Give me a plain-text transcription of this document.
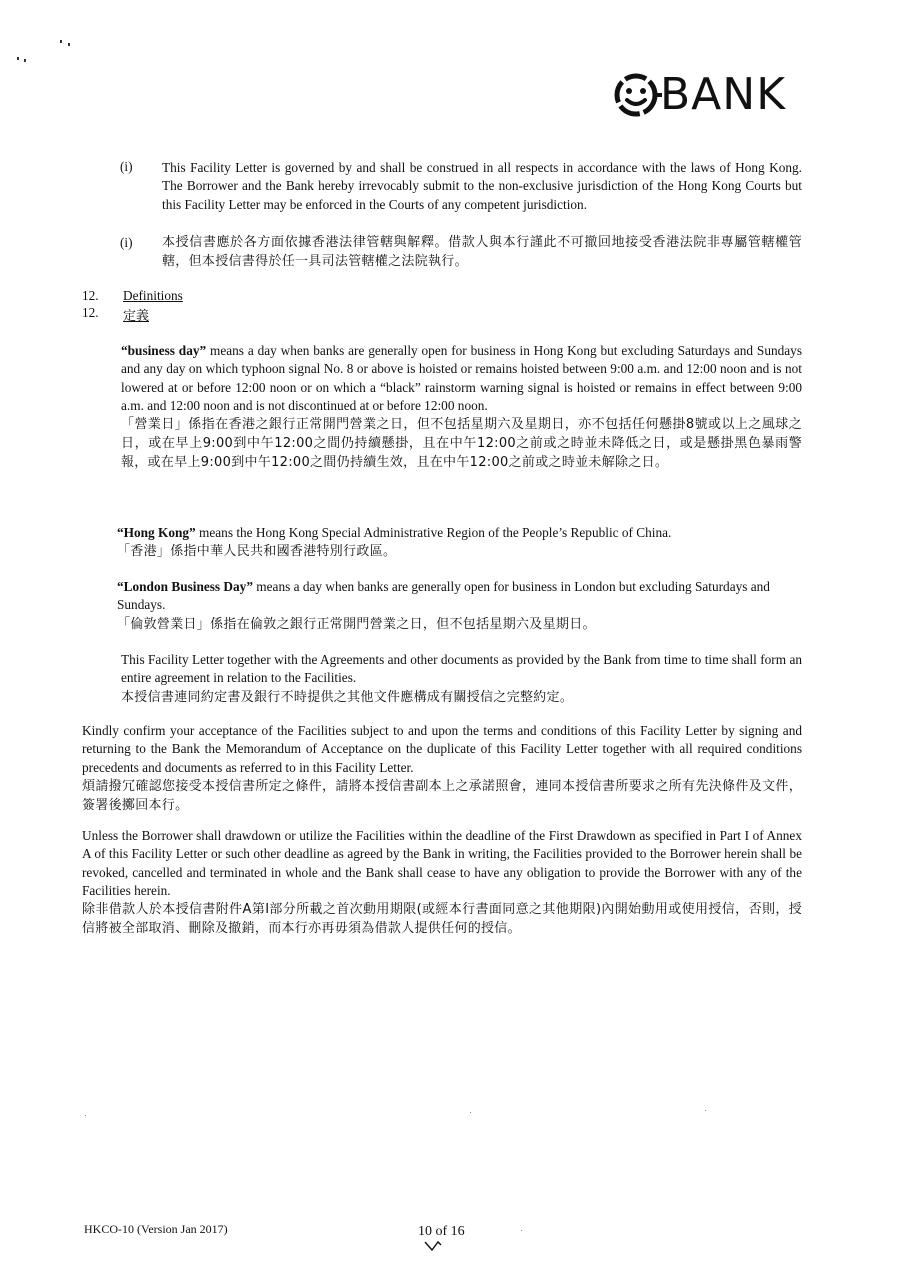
BANK
(i) This Facility Letter is governed by and shall be construed in all respects in accordance with the laws of Hong Kong. The Borrower and the Bank hereby irrevocably submit to the non-exclusive jurisdiction of the Hong Kong Courts but this Facility Letter may be enforced in the Courts of any competent jurisdiction.
(i) 本授信書應於各方面依據香港法律管轄與解釋。借款人與本行謹此不可撤回地接受香港法院非專屬管轄權管轄，但本授信書得於任一具司法管轄權之法院執行。
12. Definitions
12. 定義
“business day” means a day when banks are generally open for business in Hong Kong but excluding Saturdays and Sundays and any day on which typhoon signal No. 8 or above is hoisted or remains hoisted between 9:00 a.m. and 12:00 noon and is not lowered at or before 12:00 noon or on which a “black” rainstorm warning signal is hoisted or remains in effect between 9:00 a.m. and 12:00 noon and is not discontinued at or before 12:00 noon.
「營業日」係指在香港之銀行正常開門營業之日，但不包括星期六及星期日，亦不包括任何懸掛8號或以上之風球之日，或在早上9:00到中午12:00之間仍持續懸掛，且在中午12:00之前或之時並未降低之日，或是懸掛黑色暴雨警報，或在早上9:00到中午12:00之間仍持續生效，且在中午12:00之前或之時並未解除之日。
“Hong Kong” means the Hong Kong Special Administrative Region of the People’s Republic of China.
「香港」係指中華人民共和國香港特別行政區。
“London Business Day” means a day when banks are generally open for business in London but excluding Saturdays and Sundays.
「倫敦營業日」係指在倫敦之銀行正常開門營業之日，但不包括星期六及星期日。
This Facility Letter together with the Agreements and other documents as provided by the Bank from time to time shall form an entire agreement in relation to the Facilities.
本授信書連同約定書及銀行不時提供之其他文件應構成有關授信之完整約定。
Kindly confirm your acceptance of the Facilities subject to and upon the terms and conditions of this Facility Letter by signing and returning to the Bank the Memorandum of Acceptance on the duplicate of this Facility Letter together with all required conditions precedents and documents as referred to in this Facility Letter.
煩請撥冗確認您接受本授信書所定之條件，請將本授信書副本上之承諾照會，連同本授信書所要求之所有先決條件及文件，簽署後擲回本行。
Unless the Borrower shall drawdown or utilize the Facilities within the deadline of the First Drawdown as specified in Part I of Annex A of this Facility Letter or such other deadline as agreed by the Bank in writing, the Facilities provided to the Borrower herein shall be revoked, cancelled and terminated in whole and the Bank shall cease to have any obligation to provide the Borrower with any of the Facilities herein.
除非借款人於本授信書附件A第I部分所載之首次動用期限(或經本行書面同意之其他期限)內開始動用或使用授信，否則，授信將被全部取消、刪除及撤銷，而本行亦再毋須為借款人提供任何的授信。
HKCO-10 (Version Jan 2017)	10 of 16
